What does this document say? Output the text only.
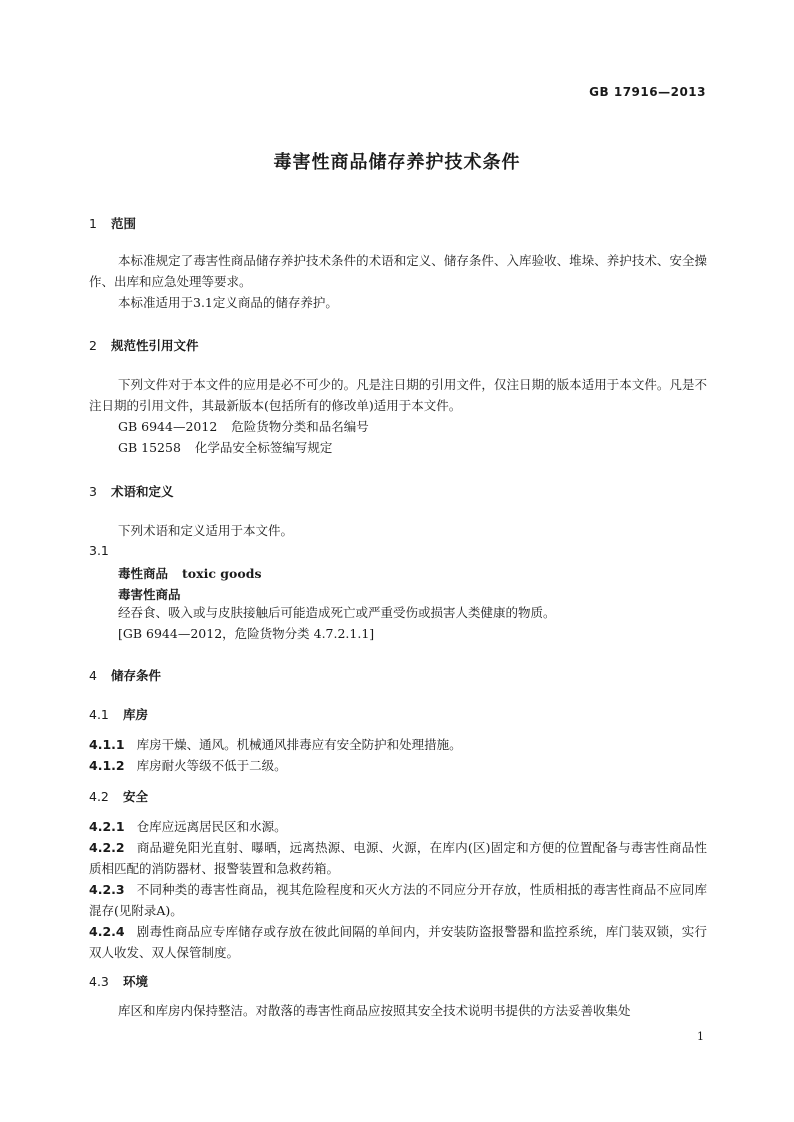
GB 17916—2013
毒害性商品储存养护技术条件
1 范围
本标准规定了毒害性商品储存养护技术条件的术语和定义、储存条件、入库验收、堆垛、养护技术、安全操作、出库和应急处理等要求。
本标准适用于3.1定义商品的储存养护。
2 规范性引用文件
下列文件对于本文件的应用是必不可少的。凡是注日期的引用文件，仅注日期的版本适用于本文件。凡是不注日期的引用文件，其最新版本(包括所有的修改单)适用于本文件。
GB 6944—2012 危险货物分类和品名编号
GB 15258 化学品安全标签编写规定
3 术语和定义
下列术语和定义适用于本文件。
3.1
毒性商品 toxic goods
毒害性商品
经吞食、吸入或与皮肤接触后可能造成死亡或严重受伤或损害人类健康的物质。
[GB 6944—2012，危险货物分类 4.7.2.1.1]
4 储存条件
4.1 库房
4.1.1 库房干燥、通风。机械通风排毒应有安全防护和处理措施。
4.1.2 库房耐火等级不低于二级。
4.2 安全
4.2.1 仓库应远离居民区和水源。
4.2.2 商品避免阳光直射、曝晒，远离热源、电源、火源，在库内(区)固定和方便的位置配备与毒害性商品性质相匹配的消防器材、报警装置和急救药箱。
4.2.3 不同种类的毒害性商品，视其危险程度和灭火方法的不同应分开存放，性质相抵的毒害性商品不应同库混存(见附录A)。
4.2.4 剧毒性商品应专库储存或存放在彼此间隔的单间内，并安装防盗报警器和监控系统，库门装双锁，实行双人收发、双人保管制度。
4.3 环境
库区和库房内保持整洁。对散落的毒害性商品应按照其安全技术说明书提供的方法妥善收集处
1
